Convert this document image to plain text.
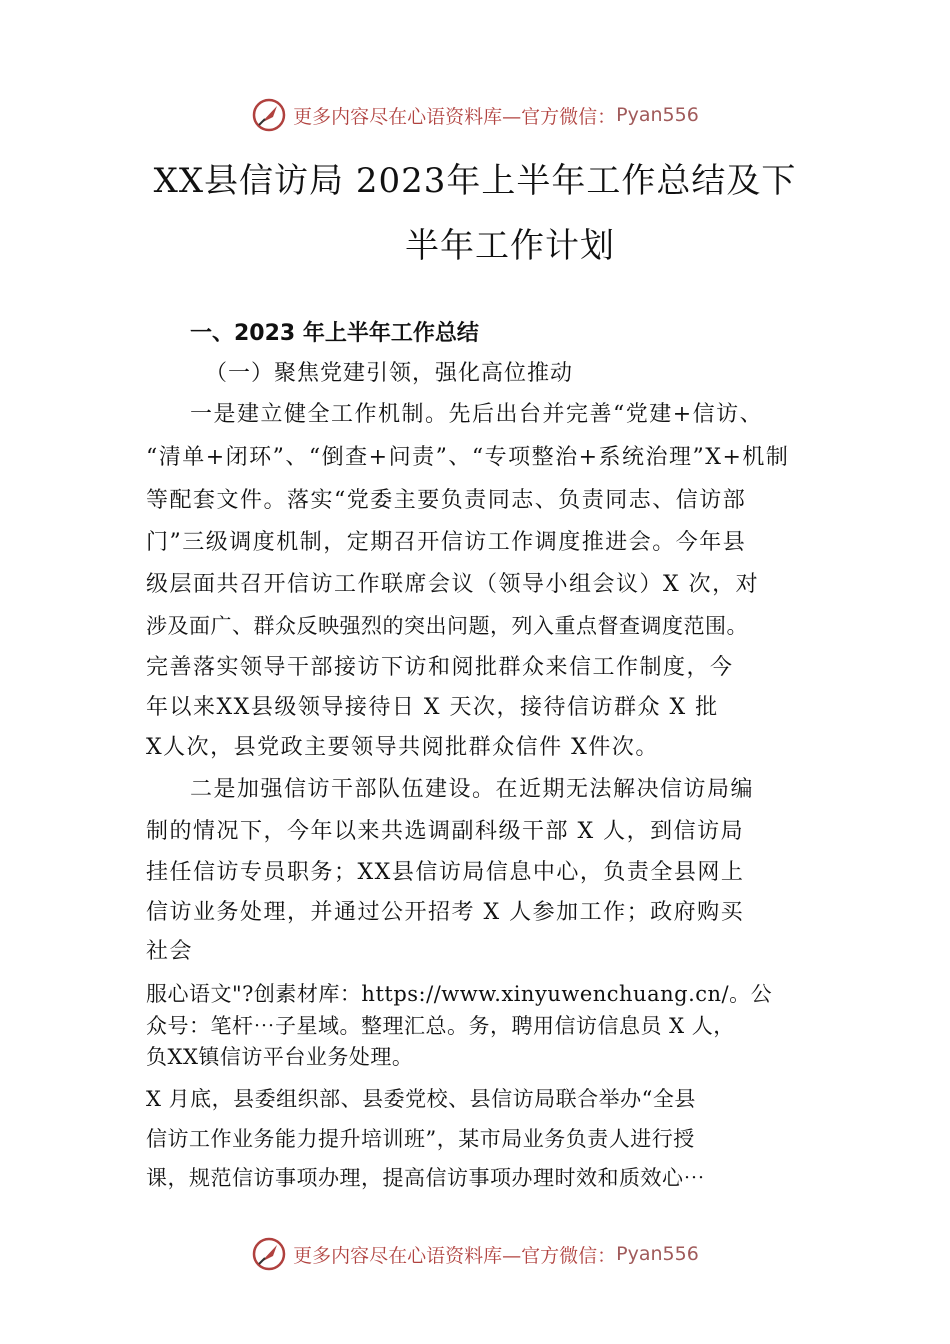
更多内容尽在心语资料库—官方微信： Pyan556
XX县信访局 2023年上半年工作总结及下
半年工作计划
一、2023 年上半年工作总结
（一）聚焦党建引领，强化高位推动
一是建立健全工作机制。先后出台并完善“党建+信访、
“清单+闭环”、“倒查+问责”、“专项整治+系统治理”X+机制
等配套文件。落实“党委主要负责同志、负责同志、信访部
门”三级调度机制，定期召开信访工作调度推进会。今年县
级层面共召开信访工作联席会议（领导小组会议）X 次，对
涉及面广、群众反映强烈的突出问题，列入重点督查调度范围。
完善落实领导干部接访下访和阅批群众来信工作制度，今
年以来XX县级领导接待日 X 天次，接待信访群众 X 批
X人次，县党政主要领导共阅批群众信件 X件次。
二是加强信访干部队伍建设。在近期无法解决信访局编
制的情况下，今年以来共选调副科级干部 X 人，到信访局
挂任信访专员职务；XX县信访局信息中心，负责全县网上
信访业务处理，并通过公开招考 X 人参加工作；政府购买
社会
服心语文"?创素材库：https://www.xinyuwenchuang.cn/。公
众号：笔杆⋯子星域。整理汇总。务，聘用信访信息员 X 人，
负XX镇信访平台业务处理。
X 月底，县委组织部、县委党校、县信访局联合举办“全县
信访工作业务能力提升培训班”，某市局业务负责人进行授
课，规范信访事项办理，提高信访事项办理时效和质效心⋯
更多内容尽在心语资料库—官方微信： Pyan556
